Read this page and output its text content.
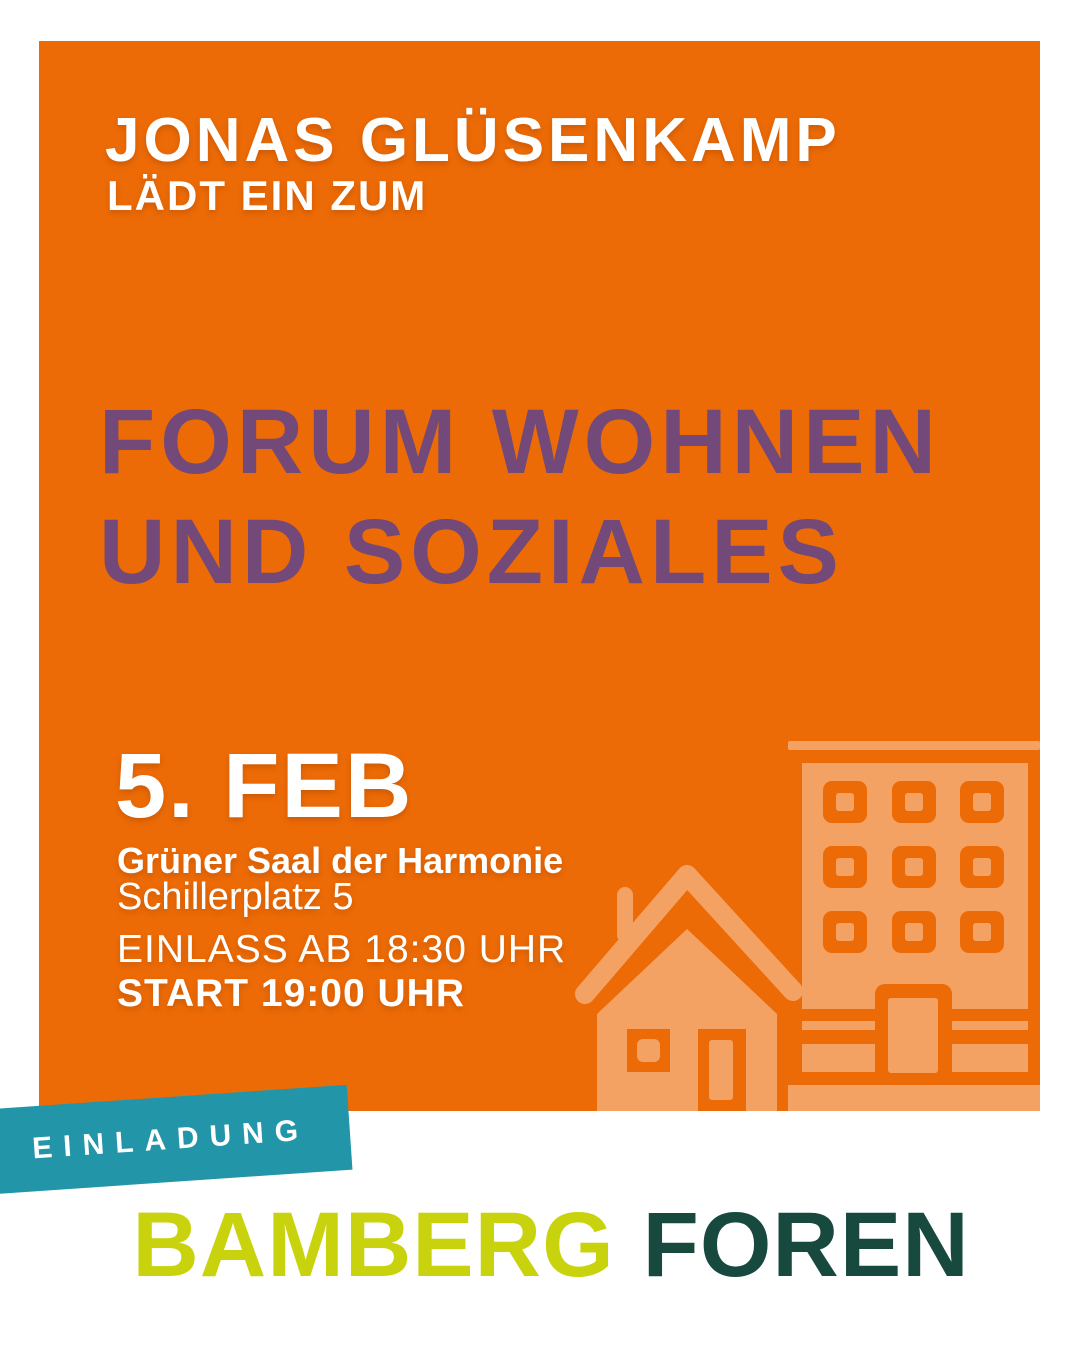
JONAS GLÜSENKAMP
LÄDT EIN ZUM
FORUM WOHNEN
UND SOZIALES
5. FEB
Grüner Saal der Harmonie
Schillerplatz 5
EINLASS AB 18:30 UHR
START 19:00 UHR
EINLADUNG
BAMBERG FOREN
